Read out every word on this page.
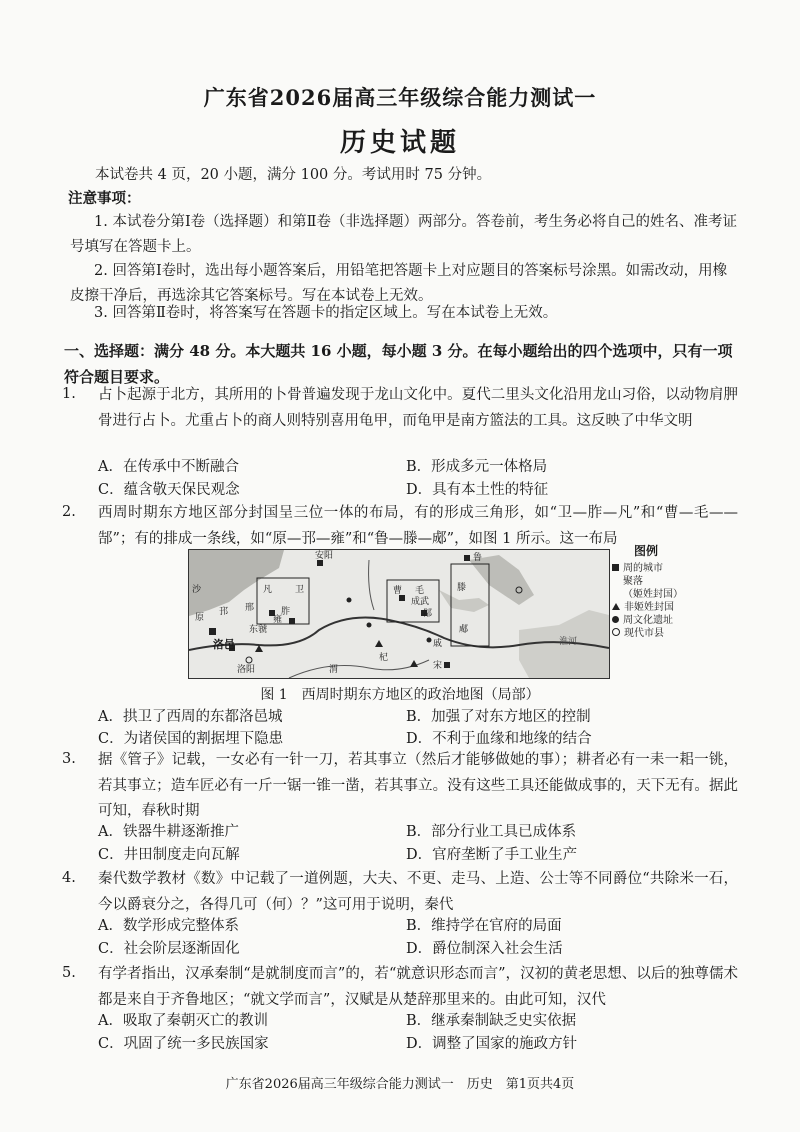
广东省2026届高三年级综合能力测试一
历史试题
本试卷共 4 页，20 小题，满分 100 分。考试用时 75 分钟。
注意事项：
1. 本试卷分第Ⅰ卷（选择题）和第Ⅱ卷（非选择题）两部分。答卷前，考生务必将自己的姓名、准考证号填写在答题卡上。
2. 回答第Ⅰ卷时，选出每小题答案后，用铅笔把答题卡上对应题目的答案标号涂黑。如需改动，用橡皮擦干净后，再选涂其它答案标号。写在本试卷上无效。
3. 回答第Ⅱ卷时，将答案写在答题卡的指定区域上。写在本试卷上无效。
一、选择题：满分 48 分。本大题共 16 小题，每小题 3 分。在每小题给出的四个选项中，只有一项符合题目要求。
1. 占卜起源于北方，其所用的卜骨普遍发现于龙山文化中。夏代二里头文化沿用龙山习俗，以动物肩胛骨进行占卜。尤重占卜的商人则特别喜用龟甲，而龟甲是南方篮法的工具。这反映了中华文明
A．在传承中不断融合	B．形成多元一体格局
C．蕴含敬天保民观念	D．具有本土性的特征
2. 西周时期东方地区部分封国呈三位一体的布局，有的形成三角形，如“卫—胙—凡”和“曹—毛——郜”；有的排成一条线，如“原—邘—雍”和“鲁—滕—郕”，如图 1 所示。这一布局
A．拱卫了西周的东都洛邑城	B．加强了对东方地区的控制
C．为诸侯国的割据埋下隐患	D．不利于血缘和地缘的结合
安阳
邢
凡	卫
胙
原
邘
雍
洛邑
曹 毛
郜
鲁
滕
郕
杞
宋
东虢
淮河
沙
渭
戚
洛阳
成武
图例
周的城市
聚落
（姬姓封国）
非姬姓封国
周文化遗址
现代市县
图 1　西周时期东方地区的政治地图（局部）
3. 据《管子》记载，一女必有一针一刀，若其事立（然后才能够做她的事）；耕者必有一耒一耜一铫，若其事立；造车匠必有一斤一锯一锥一凿，若其事立。没有这些工具还能做成事的，天下无有。据此可知，春秋时期
A．铁器牛耕逐渐推广	B．部分行业工具已成体系
C．井田制度走向瓦解	D．官府垄断了手工业生产
4. 秦代数学教材《数》中记载了一道例题，大夫、不更、走马、上造、公士等不同爵位“共除米一石，今以爵衰分之，各得几可（何）？”这可用于说明，秦代
A．数学形成完整体系	B．维持学在官府的局面
C．社会阶层逐渐固化	D．爵位制深入社会生活
5. 有学者指出，汉承秦制“是就制度而言”的，若“就意识形态而言”，汉初的黄老思想、以后的独尊儒术都是来自于齐鲁地区；“就文学而言”，汉赋是从楚辞那里来的。由此可知，汉代
A．吸取了秦朝灭亡的教训	B．继承秦制缺乏史实依据
C．巩固了统一多民族国家	D．调整了国家的施政方针
广东省2026届高三年级综合能力测试一　历史　第1页共4页
